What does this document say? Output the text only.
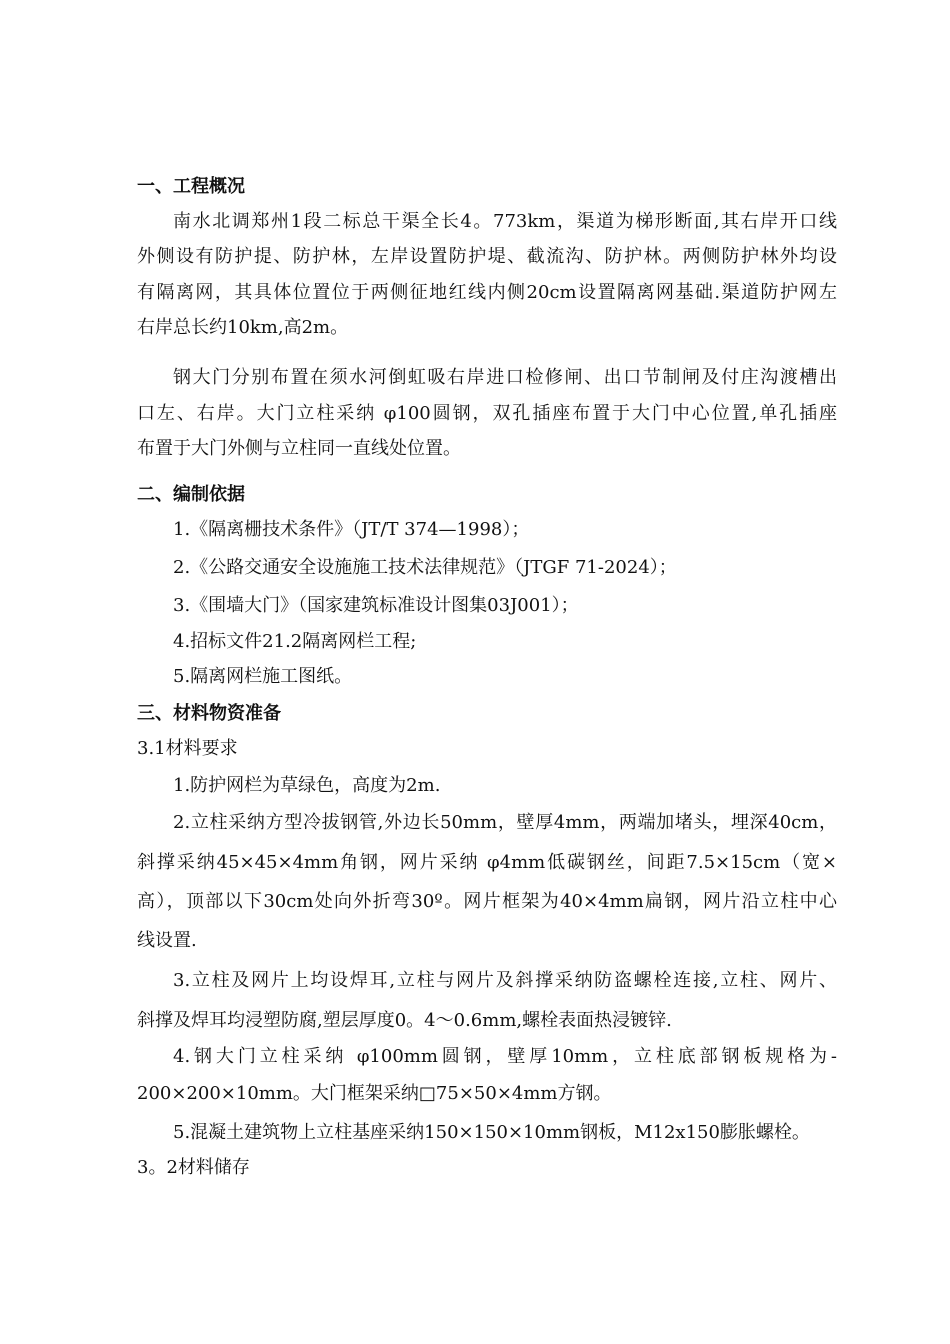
一、工程概况
南水北调郑州1段二标总干渠全长4。773km，渠道为梯形断面,其右岸开口线
外侧设有防护提、防护林，左岸设置防护堤、截流沟、防护林。两侧防护林外均设
有隔离网，其具体位置位于两侧征地红线内侧20cm设置隔离网基础.渠道防护网左
右岸总长约10km,高2m。
钢大门分别布置在须水河倒虹吸右岸进口检修闸、出口节制闸及付庄沟渡槽出
口左、右岸。大门立柱采纳 φ100圆钢，双孔插座布置于大门中心位置,单孔插座
布置于大门外侧与立柱同一直线处位置。
二、编制依据
1.《隔离栅技术条件》（JT/T 374—1998）；
2.《公路交通安全设施施工技术法律规范》（JTGF 71-2024）；
3.《围墙大门》（国家建筑标准设计图集03J001）；
4.招标文件21.2隔离网栏工程;
5.隔离网栏施工图纸。
三、材料物资准备
3.1材料要求
1.防护网栏为草绿色，高度为2m.
2.立柱采纳方型冷拔钢管,外边长50mm，壁厚4mm，两端加堵头，埋深40cm，
斜撑采纳45×45×4mm角钢，网片采纳 φ4mm低碳钢丝，间距7.5×15cm（宽×
高），顶部以下30cm处向外折弯30º。网片框架为40×4mm扁钢，网片沿立柱中心
线设置.
3.立柱及网片上均设焊耳,立柱与网片及斜撑采纳防盗螺栓连接,立柱、网片、
斜撑及焊耳均浸塑防腐,塑层厚度0。4～0.6mm,螺栓表面热浸镀锌.
4.钢大门立柱采纳 φ100mm圆钢，壁厚10mm，立柱底部钢板规格为-
200×200×10mm。大门框架采纳□75×50×4mm方钢。
5.混凝土建筑物上立柱基座采纳150×150×10mm钢板，M12x150膨胀螺栓。
3。2材料储存
